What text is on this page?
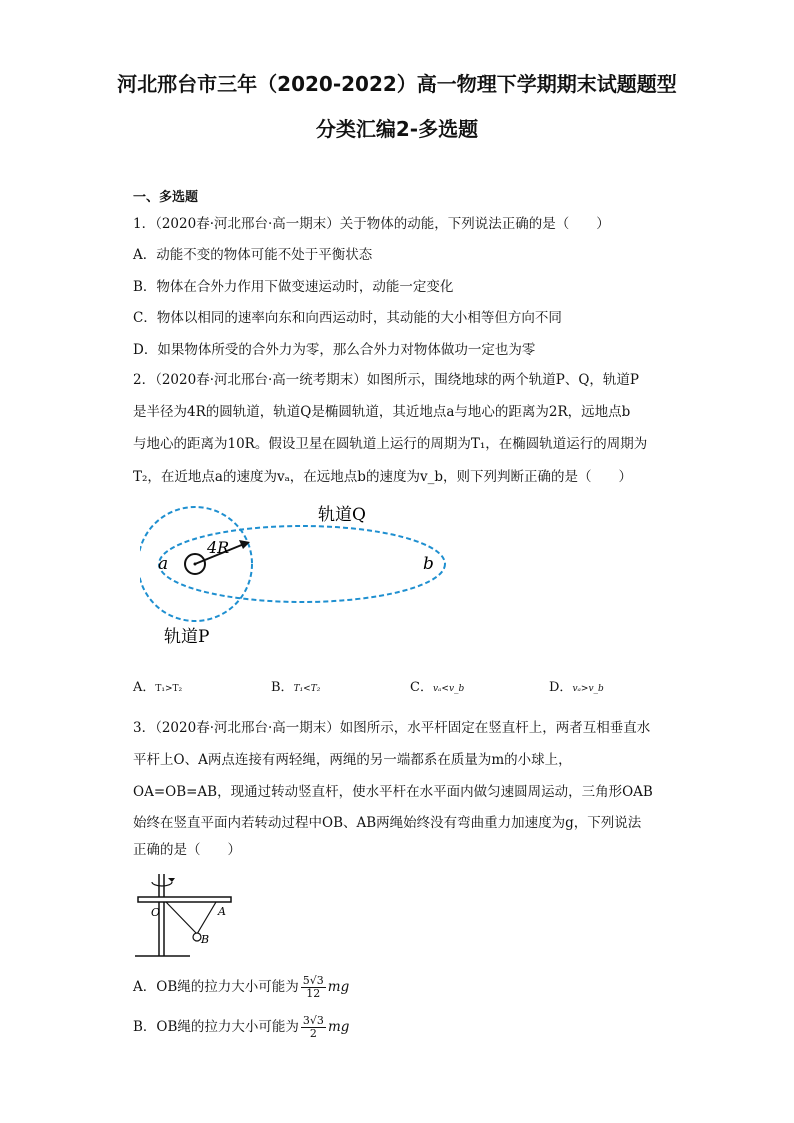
河北邢台市三年（2020-2022）高一物理下学期期末试题题型
分类汇编2-多选题
一、多选题
1．（2020春·河北邢台·高一期末）关于物体的动能，下列说法正确的是（　　）
A．动能不变的物体可能不处于平衡状态
B．物体在合外力作用下做变速运动时，动能一定变化
C．物体以相同的速率向东和向西运动时，其动能的大小相等但方向不同
D．如果物体所受的合外力为零，那么合外力对物体做功一定也为零
2．（2020春·河北邢台·高一统考期末）如图所示，围绕地球的两个轨道P、Q，轨道P
是半径为4R的圆轨道，轨道Q是椭圆轨道，其近地点a与地心的距离为2R，远地点b
与地心的距离为10R。假设卫星在圆轨道上运行的周期为T₁，在椭圆轨道运行的周期为
T₂，在近地点a的速度为vₐ，在远地点b的速度为v_b，则下列判断正确的是（　　）
4R
a	b
轨道Q
轨道P
A．T₁>T₂	B．T₁<T₂	C．vₐ<v_b	D．vₐ>v_b
3．（2020春·河北邢台·高一期末）如图所示，水平杆固定在竖直杆上，两者互相垂直水
平杆上O、A两点连接有两轻绳，两绳的另一端都系在质量为m的小球上，
OA=OB=AB，现通过转动竖直杆，使水平杆在水平面内做匀速圆周运动，三角形OAB
始终在竖直平面内若转动过程中OB、AB两绳始终没有弯曲重力加速度为g，下列说法
正确的是（　　）
O	A
B
A．OB绳的拉力大小可能为 $\frac{5√3}{12}$ mg
B．OB绳的拉力大小可能为 $\frac{3√3}{2}$ mg
